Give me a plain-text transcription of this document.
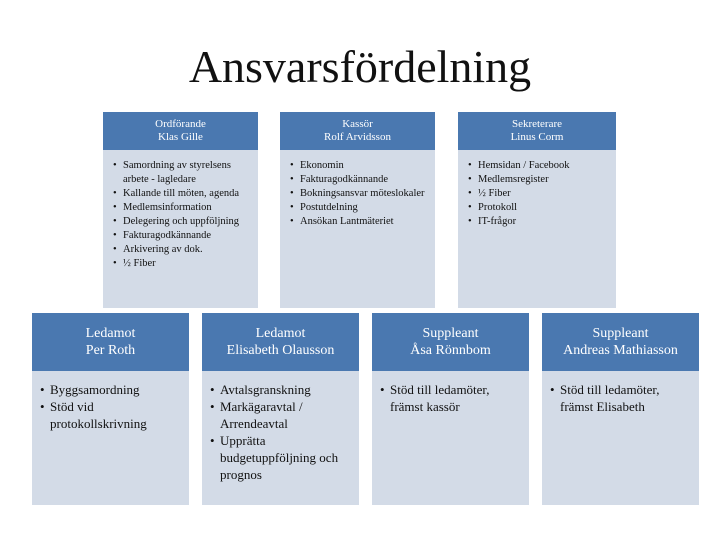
Ansvarsfördelning
Ordförande
Klas Gille
• Samordning av styrelsens arbete - lagledare
• Kallande till möten, agenda
• Medlemsinformation
• Delegering och uppföljning
• Fakturagodkännande
• Arkivering av dok.
• ½ Fiber
Kassör
Rolf Arvidsson
• Ekonomin
• Fakturagodkännande
• Bokningsansvar möteslokaler
• Postutdelning
• Ansökan Lantmäteriet
Sekreterare
Linus Corm
• Hemsidan / Facebook
• Medlemsregister
• ½ Fiber
• Protokoll
• IT-frågor
Ledamot
Per Roth
• Byggsamordning
• Stöd vid protokollskrivning
Ledamot
Elisabeth Olausson
• Avtalsgranskning
• Markägaravtal / Arrendeavtal
• Upprätta budgetuppföljning och prognos
Suppleant
Åsa Rönnbom
• Stöd till ledamöter, främst kassör
Suppleant
Andreas Mathiasson
• Stöd till ledamöter, främst Elisabeth
